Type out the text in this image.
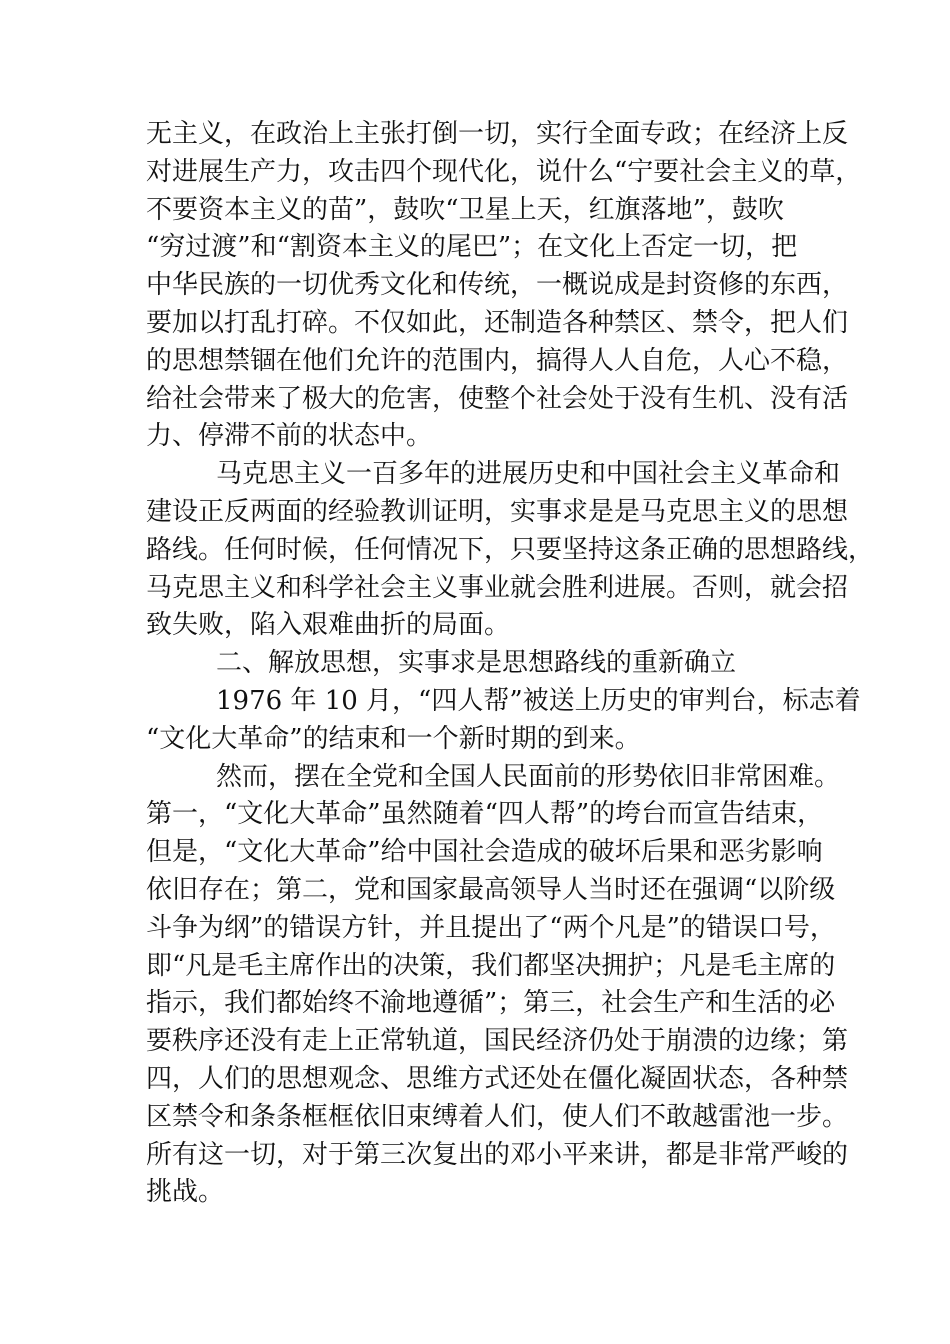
无主义，在政治上主张打倒一切，实行全面专政；在经济上反
对进展生产力，攻击四个现代化，说什么“宁要社会主义的草，
不要资本主义的苗”，鼓吹“卫星上天，红旗落地”，鼓吹
“穷过渡”和“割资本主义的尾巴”；在文化上否定一切，把
中华民族的一切优秀文化和传统，一概说成是封资修的东西，
要加以打乱打碎。不仅如此，还制造各种禁区、禁令，把人们
的思想禁锢在他们允许的范围内，搞得人人自危，人心不稳，
给社会带来了极大的危害，使整个社会处于没有生机、没有活
力、停滞不前的状态中。
马克思主义一百多年的进展历史和中国社会主义革命和
建设正反两面的经验教训证明，实事求是是马克思主义的思想
路线。任何时候，任何情况下，只要坚持这条正确的思想路线，
马克思主义和科学社会主义事业就会胜利进展。否则，就会招
致失败，陷入艰难曲折的局面。
二、解放思想，实事求是思想路线的重新确立
1976 年 10 月，“四人帮”被送上历史的审判台，标志着
“文化大革命”的结束和一个新时期的到来。
然而，摆在全党和全国人民面前的形势依旧非常困难。
第一，“文化大革命”虽然随着“四人帮”的垮台而宣告结束，
但是，“文化大革命”给中国社会造成的破坏后果和恶劣影响
依旧存在；第二，党和国家最高领导人当时还在强调“以阶级
斗争为纲”的错误方针，并且提出了“两个凡是”的错误口号，
即“凡是毛主席作出的决策，我们都坚决拥护；凡是毛主席的
指示，我们都始终不渝地遵循”；第三，社会生产和生活的必
要秩序还没有走上正常轨道，国民经济仍处于崩溃的边缘；第
四，人们的思想观念、思维方式还处在僵化凝固状态，各种禁
区禁令和条条框框依旧束缚着人们，使人们不敢越雷池一步。
所有这一切，对于第三次复出的邓小平来讲，都是非常严峻的
挑战。
